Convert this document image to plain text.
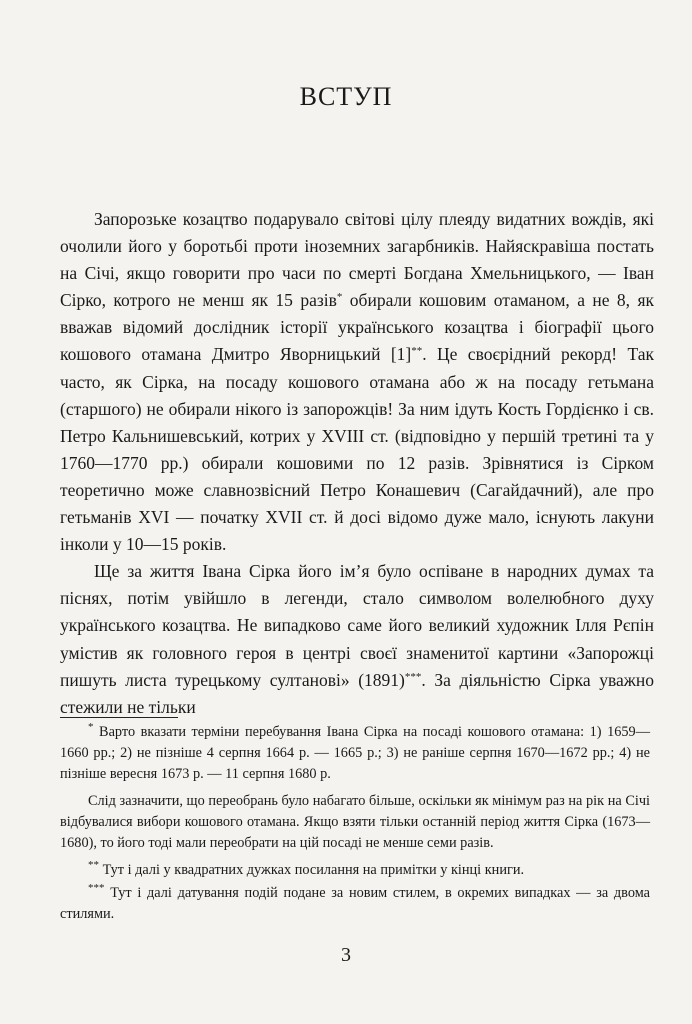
ВСТУП

Запорозьке козацтво подарувало світові цілу плеяду видатних вождів, які очолили його у боротьбі проти іноземних загарбників. Найяскравіша постать на Січі, якщо говорити про часи по смерті Богдана Хмельницького, — Іван Сірко, котрого не менш як 15 разів* обирали кошовим отаманом, а не 8, як вважав відомий дослідник історії українського козацтва і біографії цього кошового отамана Дмитро Яворницький [1]**. Це своєрідний рекорд! Так часто, як Сірка, на посаду кошового отамана або ж на посаду гетьмана (старшого) не обирали нікого із запорожців! За ним ідуть Кость Гордієнко і св. Петро Кальнишевський, котрих у XVIII ст. (відповідно у першій третині та у 1760—1770 рр.) обирали кошовими по 12 разів. Зрівнятися із Сірком теоретично може славнозвісний Петро Конашевич (Сагайдачний), але про гетьманів XVI — початку XVII ст. й досі відомо дуже мало, існують лакуни інколи у 10—15 років.

Ще за життя Івана Сірка його ім’я було оспіване в народних думах та піснях, потім увійшло в легенди, стало символом волелюбного духу українського козацтва. Не випадково саме його великий художник Ілля Рєпін умістив як головного героя в центрі своєї знаменитої картини «Запорожці пишуть листа турецькому султанові» (1891)***. За діяльністю Сірка уважно стежили не тільки

* Варто вказати терміни перебування Івана Сірка на посаді кошового отамана: 1) 1659—1660 рр.; 2) не пізніше 4 серпня 1664 р. — 1665 р.; 3) не раніше серпня 1670—1672 рр.; 4) не пізніше вересня 1673 р. — 11 серпня 1680 р.

Слід зазначити, що переобрань було набагато більше, оскільки як мінімум раз на рік на Січі відбувалися вибори кошового отамана. Якщо взяти тільки останній період життя Сірка (1673—1680), то його тоді мали переобрати на цій посаді не менше семи разів.

** Тут і далі у квадратних дужках посилання на примітки у кінці книги.

*** Тут і далі датування подій подане за новим стилем, в окремих випадках — за двома стилями.

3
